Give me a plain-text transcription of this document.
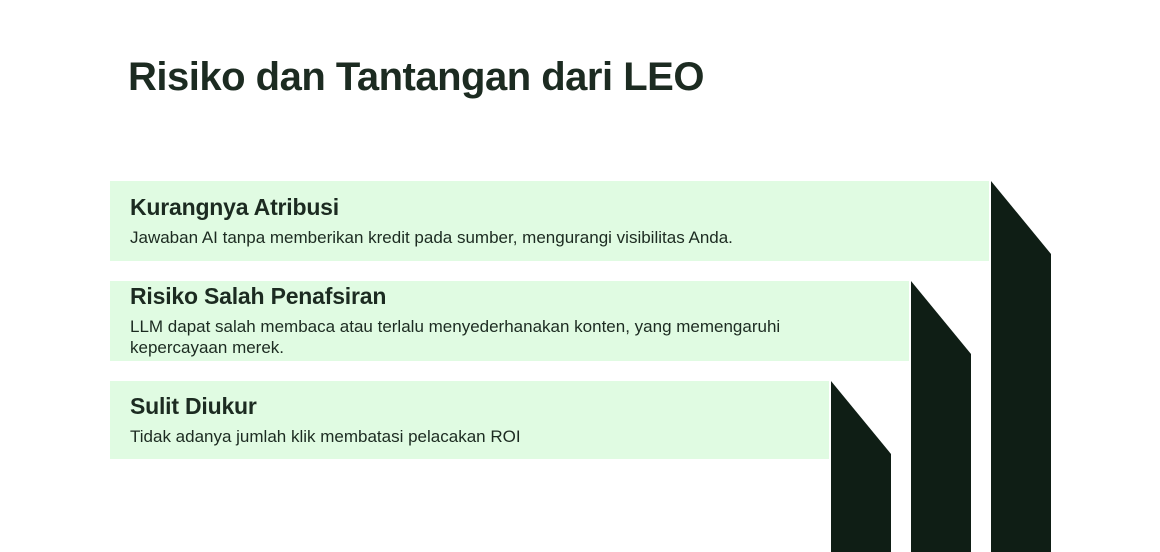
Risiko dan Tantangan dari LEO
Kurangnya Atribusi

Jawaban AI tanpa memberikan kredit pada sumber, mengurangi visibilitas Anda.

Risiko Salah Penafsiran

LLM dapat salah membaca atau terlalu menyederhanakan konten, yang memengaruhi kepercayaan merek.

Sulit Diukur

Tidak adanya jumlah klik membatasi pelacakan ROI
